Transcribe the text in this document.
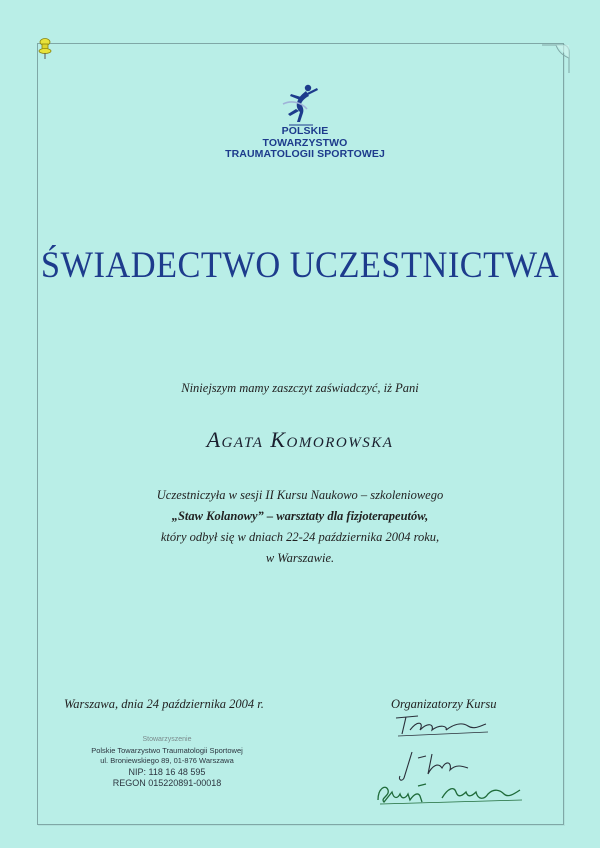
POLSKIE
TOWARZYSTWO
TRAUMATOLOGII SPORTOWEJ
ŚWIADECTWO UCZESTNICTWA
Niniejszym mamy zaszczyt zaświadczyć, iż Pani
Agata Komorowska
Uczestniczyła w sesji II Kursu Naukowo – szkoleniowego
„Staw Kolanowy” – warsztaty dla fizjoterapeutów,
który odbył się w dniach 22-24 października 2004 roku,
w Warszawie.
Warszawa, dnia 24 października 2004 r.	Organizatorzy Kursu
Stowarzyszenie
Polskie Towarzystwo Traumatologii Sportowej
ul. Broniewskiego 89, 01-876 Warszawa
NIP: 118 16 48 595
REGON 015220891-00018
